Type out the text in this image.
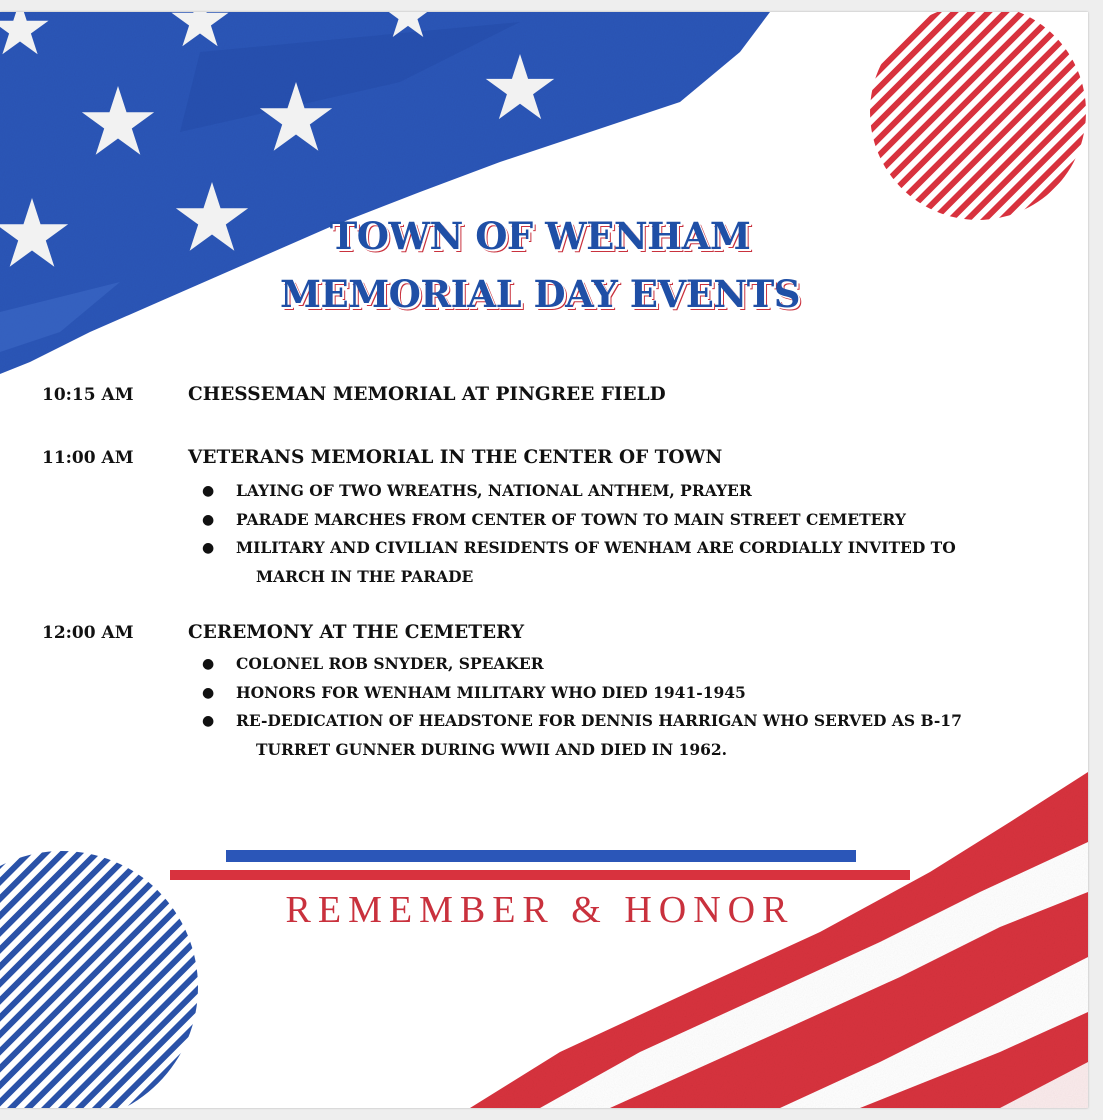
TOWN OF WENHAM
MEMORIAL DAY EVENTS
10:15 AM	CHESSEMAN MEMORIAL AT PINGREE FIELD
11:00 AM	VETERANS MEMORIAL IN THE CENTER OF TOWN
● LAYING OF TWO WREATHS, NATIONAL ANTHEM, PRAYER
● PARADE MARCHES FROM CENTER OF TOWN TO MAIN STREET CEMETERY
● MILITARY AND CIVILIAN RESIDENTS OF WENHAM ARE CORDIALLY INVITED TO
MARCH IN THE PARADE
12:00 AM	CEREMONY AT THE CEMETERY
● COLONEL ROB SNYDER, SPEAKER
● HONORS FOR WENHAM MILITARY WHO DIED 1941-1945
● RE-DEDICATION OF HEADSTONE FOR DENNIS HARRIGAN WHO SERVED AS B-17
TURRET GUNNER DURING WWII AND DIED IN 1962.
REMEMBER & HONOR
